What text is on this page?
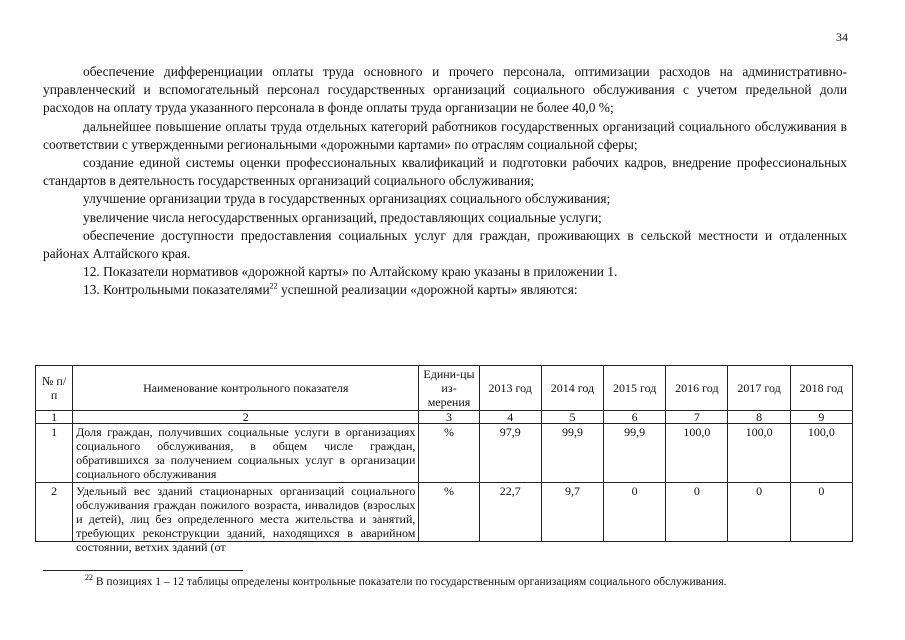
34

обеспечение дифференциации оплаты труда основного и прочего персонала, оптимизации расходов на административно-управленческий и вспомогательный персонал государственных организаций социального обслуживания с учетом предельной доли расходов на оплату труда указанного персонала в фонде оплаты труда организации не более 40,0 %;

дальнейшее повышение оплаты труда отдельных категорий работников государственных организаций социального обслуживания в соответствии с утвержденными региональными «дорожными картами» по отраслям социальной сферы;

создание единой системы оценки профессиональных квалификаций и подготовки рабочих кадров, внедрение профессиональных стандартов в деятельность государственных организаций социального обслуживания;

улучшение организации труда в государственных организациях социального обслуживания;

увеличение числа негосударственных организаций, предоставляющих социальные услуги;

обеспечение доступности предоставления социальных услуг для граждан, проживающих в сельской местности и отдаленных районах Алтайского края.

12. Показатели нормативов «дорожной карты» по Алтайскому краю указаны в приложении 1.

13. Контрольными показателями$^{22}$ успешной реализации «дорожной карты» являются:

№ п/п	Наименование контрольного показателя	Едини-цы из-мерения	2013 год	2014 год	2015 год	2016 год	2017 год	2018 год
1	2	3	4	5	6	7	8	9
1	Доля граждан, получивших социальные услуги в организациях социального обслуживания, в общем числе граждан, обратившихся за получением социальных услуг в организации социального обслуживания	%	97,9	99,9	99,9	100,0	100,0	100,0
2	Удельный вес зданий стационарных организаций социального обслуживания граждан пожилого возраста, инвалидов (взрослых и детей), лиц без определенного места жительства и занятий, требующих реконструкции зданий, находящихся в аварийном состоянии, ветхих зданий (от	%	22,7	9,7	0	0	0	0
$^{22}$ В позициях 1 – 12 таблицы определены контрольные показатели по государственным организациям социального обслуживания.
